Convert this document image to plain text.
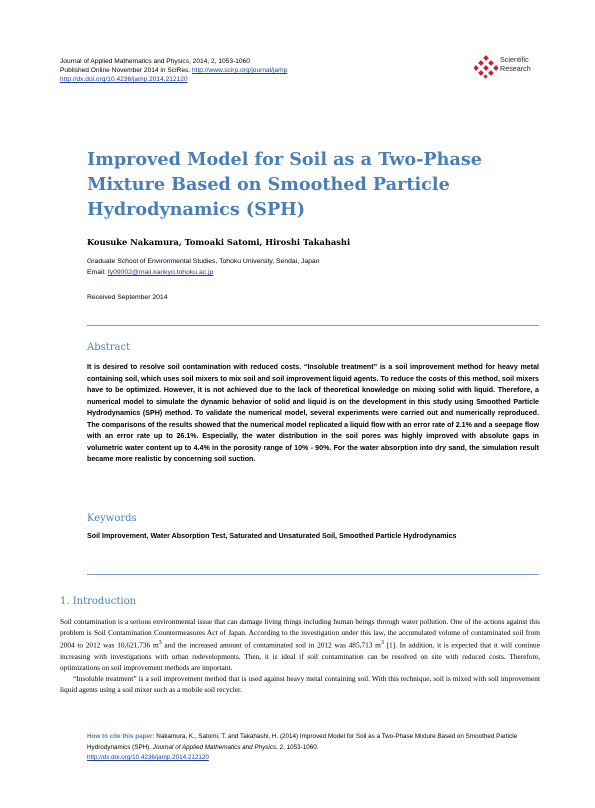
Journal of Applied Mathematics and Physics, 2014, 2, 1053-1060
Published Online November 2014 in SciRes. http://www.scirp.org/journal/jamp
http://dx.doi.org/10.4236/jamp.2014.212120
Scientific
Research
Improved Model for Soil as a Two-Phase Mixture Based on Smoothed Particle Hydrodynamics (SPH)
Kousuke Nakamura, Tomoaki Satomi, Hiroshi Takahashi
Graduate School of Environmental Studies, Tohoku University, Sendai, Japan
Email: fy09002@mail.kankyo.tohoku.ac.jp
Received September 2014
Abstract

It is desired to resolve soil contamination with reduced costs. “Insoluble treatment” is a soil improvement method for heavy metal containing soil, which uses soil mixers to mix soil and soil improvement liquid agents. To reduce the costs of this method, soil mixers have to be optimized. However, it is not achieved due to the lack of theoretical knowledge on mixing solid with liquid. Therefore, a numerical model to simulate the dynamic behavior of solid and liquid is on the development in this study using Smoothed Particle Hydrodynamics (SPH) method. To validate the numerical model, several experiments were carried out and numerically reproduced. The comparisons of the results showed that the numerical model replicated a liquid flow with an error rate of 2.1% and a seepage flow with an error rate up to 26.1%. Especially, the water distribution in the soil pores was highly improved with absolute gaps in volumetric water content up to 4.4% in the porosity range of 10% - 90%. For the water absorption into dry sand, the simulation result became more realistic by concerning soil suction.

Keywords
Soil Improvement, Water Absorption Test, Saturated and Unsaturated Soil, Smoothed Particle Hydrodynamics
1. Introduction

Soil contamination is a serious environmental issue that can damage living things including human beings through water pollution. One of the actions against this problem is Soil Contamination Countermeasures Act of Japan. According to the investigation under this law, the accumulated volume of contaminated soil from 2004 to 2012 was 10,621,736 $m^3$ and the increased amount of contaminated soil in 2012 was 485,713 $m^3$ [1]. In addition, it is expected that it will continue increasing with investigations with urban redevelopments. Then, it is ideal if soil contamination can be resolved on site with reduced costs. Therefore, optimizations on soil improvement methods are important.

“Insoluble treatment” is a soil improvement method that is used against heavy metal containing soil. With this technique, soil is mixed with soil improvement liquid agents using a soil mixer such as a mobile soil recycler.

How to cite this paper: Nakamura, K., Satomi, T. and Takahashi, H. (2014) Improved Model for Soil as a Two-Phase Mixture Based on Smoothed Particle Hydrodynamics (SPH). Journal of Applied Mathematics and Physics, 2, 1053-1060.
http://dx.doi.org/10.4236/jamp.2014.212120
